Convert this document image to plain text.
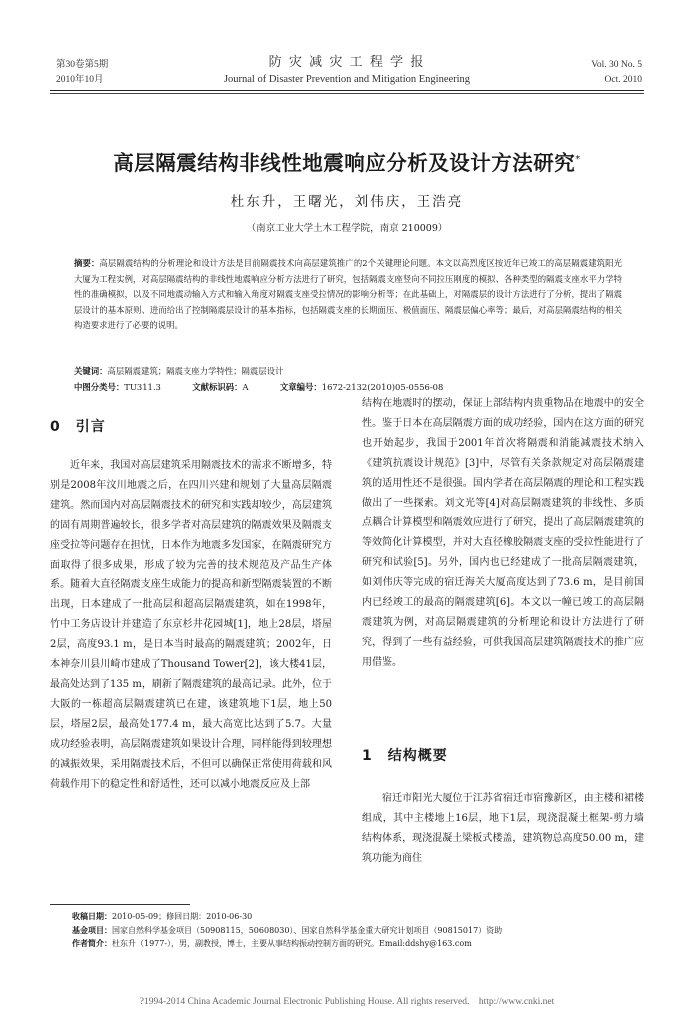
第30卷第5期
2010年10月
防 灾 减 灾 工 程 学 报
Journal of Disaster Prevention and Mitigation Engineering
Vol. 30 No. 5
Oct. 2010
高层隔震结构非线性地震响应分析及设计方法研究*
杜东升，王曙光，刘伟庆，王浩亮
（南京工业大学土木工程学院，南京 210009）
摘要：高层隔震结构的分析理论和设计方法是目前隔震技术向高层建筑推广的2个关键理论问题。本文以高烈度区按近年已竣工的高层隔震建筑阳光大厦为工程实例，对高层隔震结构的非线性地震响应分析方法进行了研究，包括隔震支座竖向不同拉压刚度的模拟、各种类型的隔震支座水平力学特性的准确模拟，以及不同地震动输入方式和输入角度对隔震支座受拉情况的影响分析等；在此基础上，对隔震层的设计方法进行了分析，提出了隔震层设计的基本原则、进而给出了控制隔震层设计的基本指标，包括隔震支座的长期面压、极值面压、隔震层偏心率等；最后，对高层隔震结构的相关构造要求进行了必要的说明。
关键词：高层隔震建筑；隔震支座力学特性；隔震层设计
中图分类号：TU311.3	文献标识码：A	文章编号：1672-2132(2010)05-0556-08
0　引言

近年来，我国对高层建筑采用隔震技术的需求不断增多，特别是2008年汶川地震之后，在四川兴建和规划了大量高层隔震建筑。然而国内对高层隔震技术的研究和实践却较少，高层建筑的固有周期普遍较长，很多学者对高层建筑的隔震效果及隔震支座受拉等问题存在担忧，日本作为地震多发国家，在隔震研究方面取得了很多成果，形成了较为完善的技术规范及产品生产体系。随着大直径隔震支座生成能力的提高和新型隔震装置的不断出现，日本建成了一批高层和超高层隔震建筑，如在1998年，竹中工务店设计并建造了东京杉井花园城[1]，地上28层，塔屋2层，高度93.1 m，是日本当时最高的隔震建筑；2002年，日本神奈川县川崎市建成了Thousand Tower[2]，该大楼41层，最高处达到了135 m，刷新了隔震建筑的最高记录。此外，位于大阪的一栋超高层隔震建筑已在建，该建筑地下1层，地上50层，塔屋2层，最高处177.4 m，最大高宽比达到了5.7。大量成功经验表明，高层隔震建筑如果设计合理，同样能得到较理想的减振效果，采用隔震技术后，不但可以确保正常使用荷载和风荷载作用下的稳定性和舒适性，还可以减小地震反应及上部

结构在地震时的摆动，保证上部结构内贵重物品在地震中的安全性。鉴于日本在高层隔震方面的成功经验，国内在这方面的研究也开始起步，我国于2001年首次将隔震和消能减震技术纳入《建筑抗震设计规范》[3]中，尽管有关条款规定对高层隔震建筑的适用性还不是很强。国内学者在高层隔震的理论和工程实践做出了一些探索。刘文光等[4]对高层隔震建筑的非线性、多质点耦合计算模型和隔震效应进行了研究，提出了高层隔震建筑的等效简化计算模型，并对大直径橡胶隔震支座的受拉性能进行了研究和试验[5]。另外，国内也已经建成了一批高层隔震建筑，如刘伟庆等完成的宿迁海关大厦高度达到了73.6 m，是目前国内已经竣工的最高的隔震建筑[6]。本文以一幢已竣工的高层隔震建筑为例，对高层隔震建筑的分析理论和设计方法进行了研究，得到了一些有益经验，可供我国高层建筑隔震技术的推广应用借鉴。

1　结构概要

宿迁市阳光大厦位于江苏省宿迁市宿豫新区，由主楼和裙楼组成，其中主楼地上16层，地下1层，现浇混凝土框架-剪力墙结构体系，现浇混凝土梁板式楼盖，建筑物总高度50.00 m，建筑功能为商住

收稿日期：2010-05-09；修回日期：2010-06-30
基金项目：国家自然科学基金项目（50908115，50608030）、国家自然科学基金重大研究计划项目（90815017）资助
作者简介：杜东升（1977-），男，副教授，博士，主要从事结构振动控制方面的研究。Email:ddshy@163.com
?1994-2014 China Academic Journal Electronic Publishing House. All rights reserved.　http://www.cnki.net
